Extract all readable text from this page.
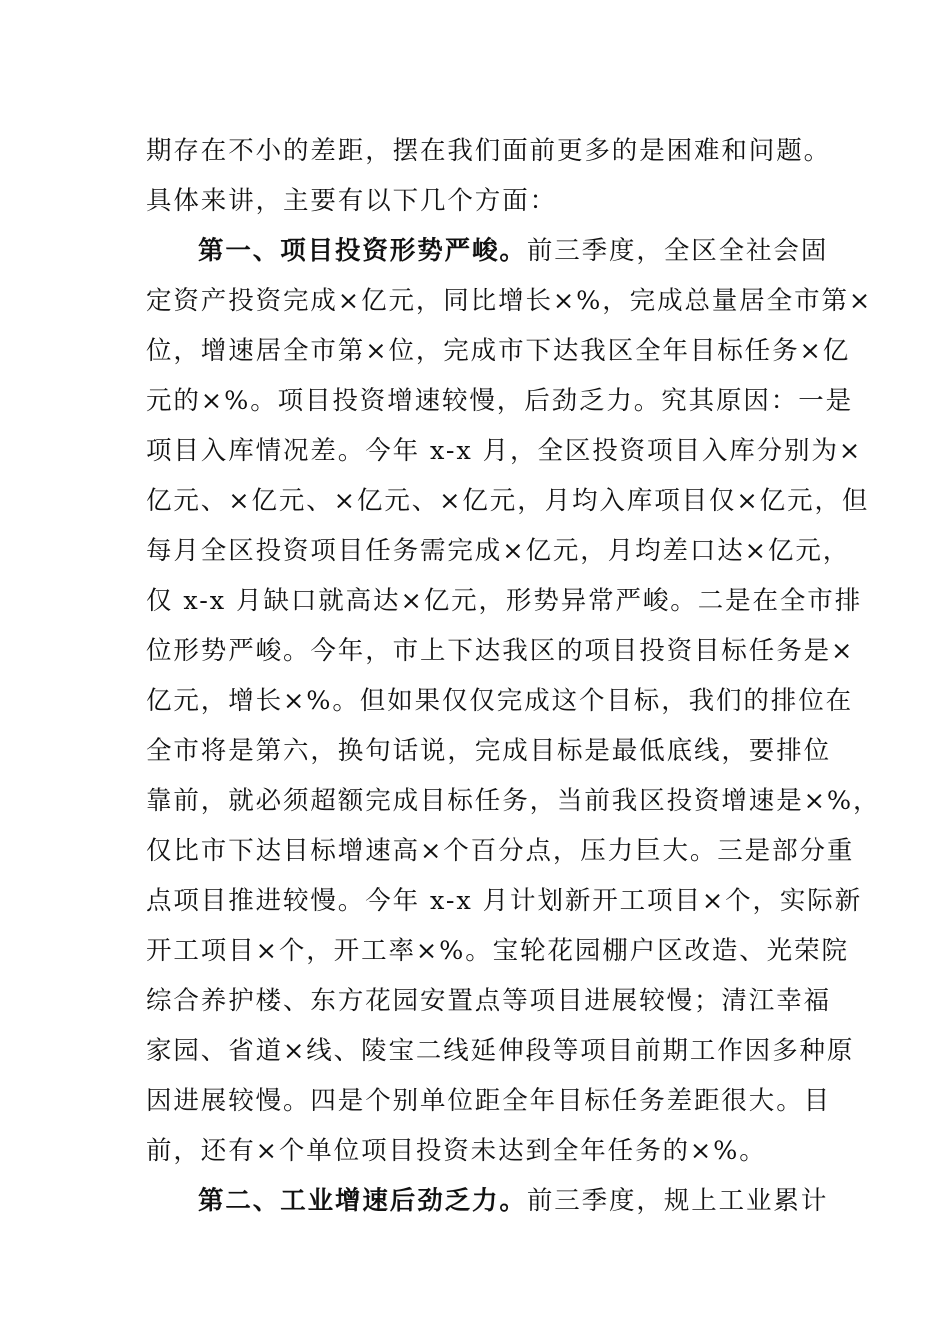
期存在不小的差距，摆在我们面前更多的是困难和问题。
具体来讲，主要有以下几个方面：
第一、项目投资形势严峻。前三季度，全区全社会固
定资产投资完成×亿元，同比增长×%，完成总量居全市第×
位，增速居全市第×位，完成市下达我区全年目标任务×亿
元的×%。项目投资增速较慢，后劲乏力。究其原因：一是
项目入库情况差。今年 x-x 月，全区投资项目入库分别为×
亿元、×亿元、×亿元、×亿元，月均入库项目仅×亿元，但
每月全区投资项目任务需完成×亿元，月均差口达×亿元，
仅 x-x 月缺口就高达×亿元，形势异常严峻。二是在全市排
位形势严峻。今年，市上下达我区的项目投资目标任务是×
亿元，增长×%。但如果仅仅完成这个目标，我们的排位在
全市将是第六，换句话说，完成目标是最低底线，要排位
靠前，就必须超额完成目标任务，当前我区投资增速是×%，
仅比市下达目标增速高×个百分点，压力巨大。三是部分重
点项目推进较慢。今年 x-x 月计划新开工项目×个，实际新
开工项目×个，开工率×%。宝轮花园棚户区改造、光荣院
综合养护楼、东方花园安置点等项目进展较慢；清江幸福
家园、省道×线、陵宝二线延伸段等项目前期工作因多种原
因进展较慢。四是个别单位距全年目标任务差距很大。目
前，还有×个单位项目投资未达到全年任务的×%。
第二、工业增速后劲乏力。前三季度，规上工业累计
